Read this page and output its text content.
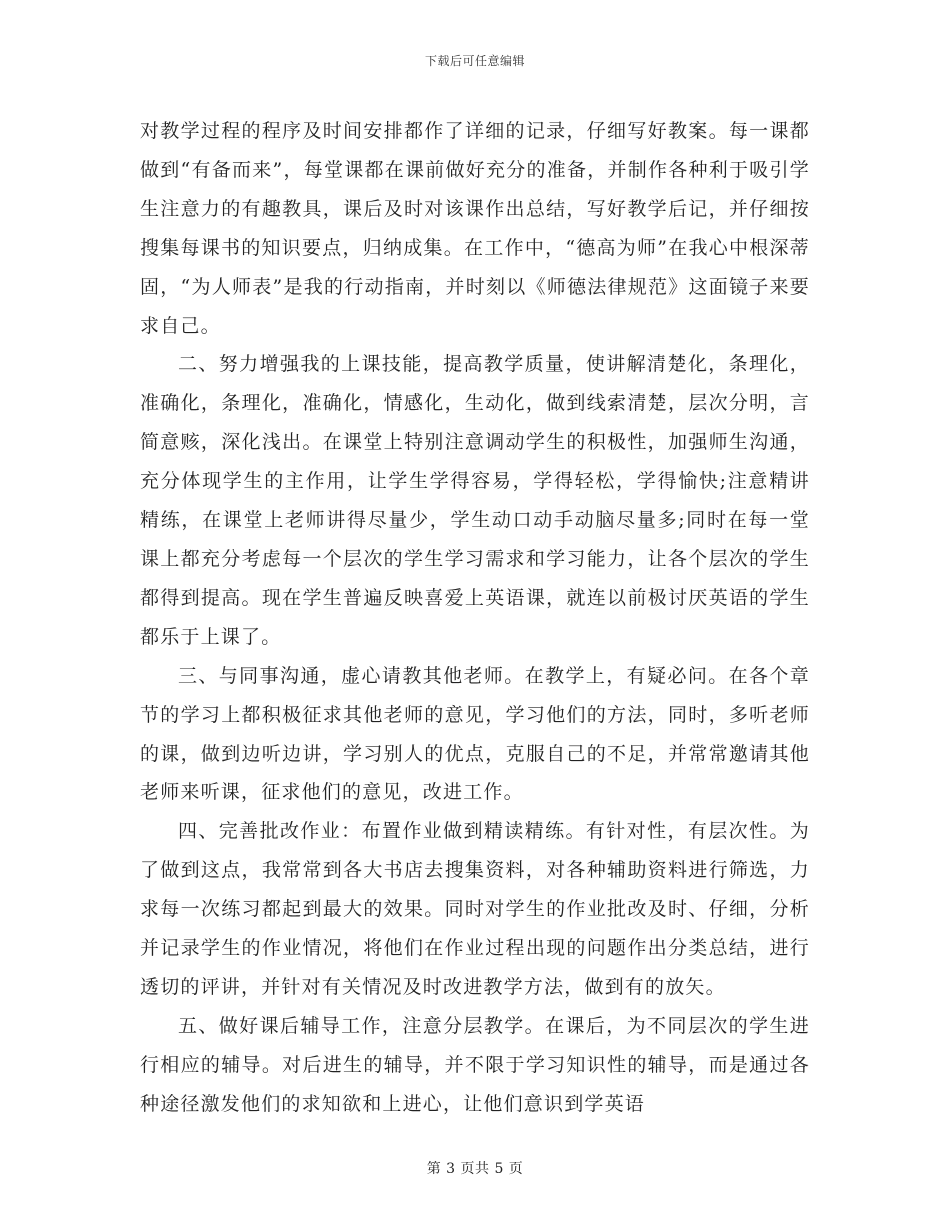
下载后可任意编辑

对教学过程的程序及时间安排都作了详细的记录，仔细写好教案。每一课都做到“有备而来”，每堂课都在课前做好充分的准备，并制作各种利于吸引学生注意力的有趣教具，课后及时对该课作出总结，写好教学后记，并仔细按搜集每课书的知识要点，归纳成集。在工作中，“德高为师”在我心中根深蒂固，“为人师表”是我的行动指南，并时刻以《师德法律规范》这面镜子来要求自己。

二、努力增强我的上课技能，提高教学质量，使讲解清楚化，条理化，准确化，条理化，准确化，情感化，生动化，做到线索清楚，层次分明，言简意赅，深化浅出。在课堂上特别注意调动学生的积极性，加强师生沟通，充分体现学生的主作用，让学生学得容易，学得轻松，学得愉快;注意精讲精练，在课堂上老师讲得尽量少，学生动口动手动脑尽量多;同时在每一堂课上都充分考虑每一个层次的学生学习需求和学习能力，让各个层次的学生都得到提高。现在学生普遍反映喜爱上英语课，就连以前极讨厌英语的学生都乐于上课了。

三、与同事沟通，虚心请教其他老师。在教学上，有疑必问。在各个章节的学习上都积极征求其他老师的意见，学习他们的方法，同时，多听老师的课，做到边听边讲，学习别人的优点，克服自己的不足，并常常邀请其他老师来听课，征求他们的意见，改进工作。

四、完善批改作业：布置作业做到精读精练。有针对性，有层次性。为了做到这点，我常常到各大书店去搜集资料，对各种辅助资料进行筛选，力求每一次练习都起到最大的效果。同时对学生的作业批改及时、仔细，分析并记录学生的作业情况，将他们在作业过程出现的问题作出分类总结，进行透切的评讲，并针对有关情况及时改进教学方法，做到有的放矢。

五、做好课后辅导工作，注意分层教学。在课后，为不同层次的学生进行相应的辅导。对后进生的辅导，并不限于学习知识性的辅导，而是通过各种途径激发他们的求知欲和上进心，让他们意识到学英语

第 3 页共 5 页
